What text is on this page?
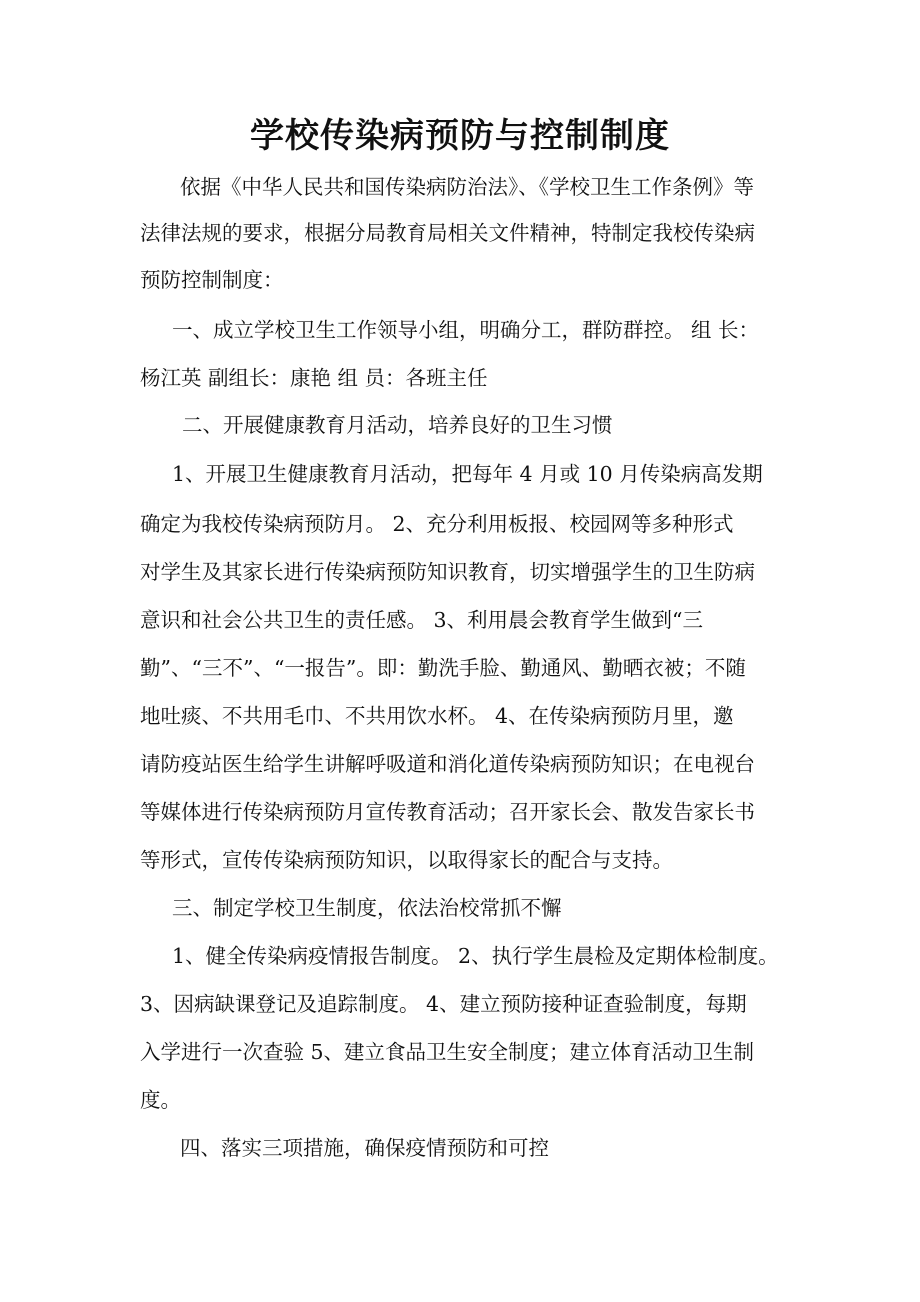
学校传染病预防与控制制度
依据《中华人民共和国传染病防治法》、《学校卫生工作条例》等
法律法规的要求，根据分局教育局相关文件精神，特制定我校传染病
预防控制制度：
一、成立学校卫生工作领导小组，明确分工，群防群控。 组 长：
杨江英 副组长：康艳 组 员：各班主任
二、开展健康教育月活动，培养良好的卫生习惯
1、开展卫生健康教育月活动，把每年 4 月或 10 月传染病高发期
确定为我校传染病预防月。 2、充分利用板报、校园网等多种形式
对学生及其家长进行传染病预防知识教育，切实增强学生的卫生防病
意识和社会公共卫生的责任感。 3、利用晨会教育学生做到“三
勤”、“三不”、“一报告”。即：勤洗手脸、勤通风、勤晒衣被；不随
地吐痰、不共用毛巾、不共用饮水杯。 4、在传染病预防月里，邀
请防疫站医生给学生讲解呼吸道和消化道传染病预防知识；在电视台
等媒体进行传染病预防月宣传教育活动；召开家长会、散发告家长书
等形式，宣传传染病预防知识，以取得家长的配合与支持。
三、制定学校卫生制度，依法治校常抓不懈
1、健全传染病疫情报告制度。 2、执行学生晨检及定期体检制度。
3、因病缺课登记及追踪制度。 4、建立预防接种证查验制度，每期
入学进行一次查验 5、建立食品卫生安全制度；建立体育活动卫生制
度。
四、落实三项措施，确保疫情预防和可控
